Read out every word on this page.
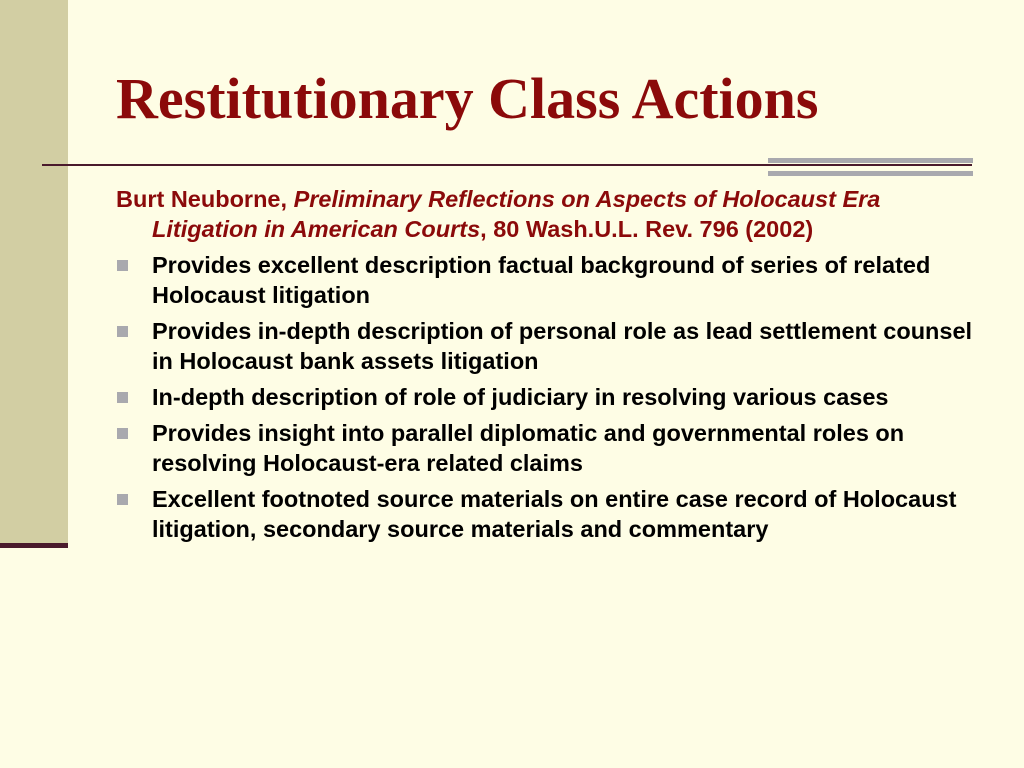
Restitutionary Class Actions
Burt Neuborne, Preliminary Reflections on Aspects of Holocaust Era Litigation in American Courts, 80 Wash.U.L. Rev. 796 (2002)
Provides excellent description factual background of series of related Holocaust litigation
Provides in-depth description of personal role as lead settlement counsel in Holocaust bank assets litigation
In-depth description of role of judiciary in resolving various cases
Provides insight into parallel diplomatic and governmental roles on resolving Holocaust-era related claims
Excellent footnoted source materials on entire case record of Holocaust litigation, secondary source materials and commentary
